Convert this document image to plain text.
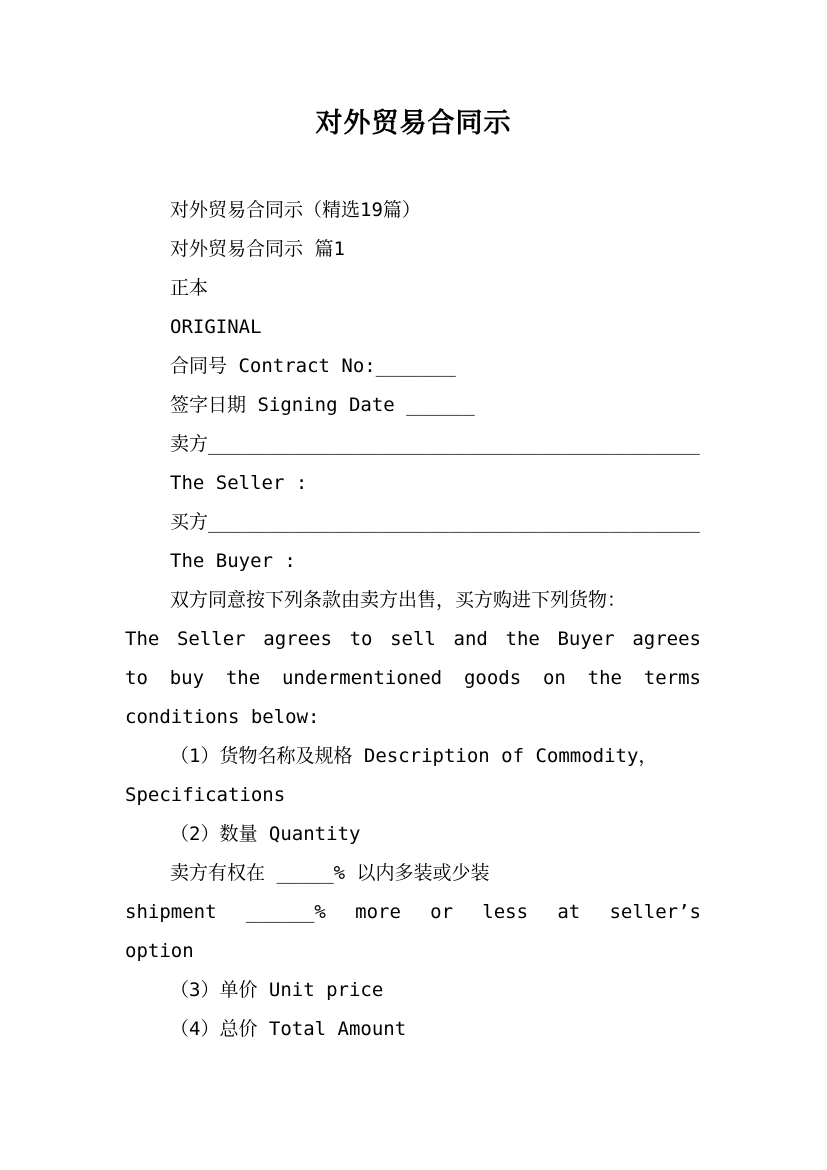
对外贸易合同示
对外贸易合同示（精选19篇）
对外贸易合同示 篇1
正本
ORIGINAL
合同号 Contract No:_______
签字日期 Signing Date ______
卖方___________________________________________
The Seller :
买方___________________________________________
The Buyer :
双方同意按下列条款由卖方出售，买方购进下列货物：
The Seller agrees to sell and the Buyer agrees
to buy the undermentioned goods on the terms
conditions below:
（1）货物名称及规格 Description of Commodity，
Specifications
（2）数量 Quantity
卖方有权在 _____% 以内多装或少装
shipment ______% more or less at seller’s
option
（3）单价 Unit price
（4）总价 Total Amount
